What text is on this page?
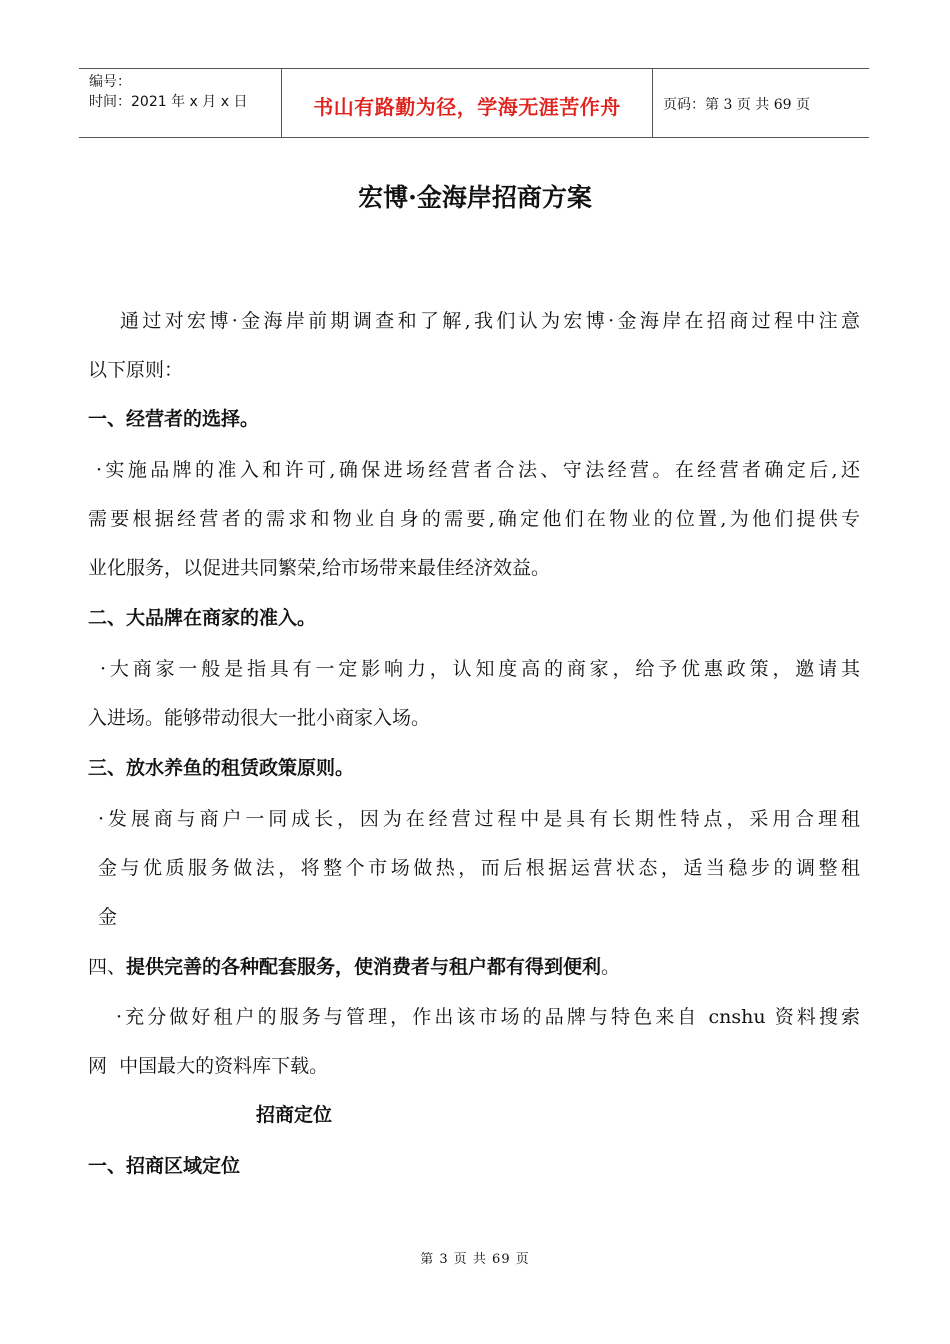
编号：
时间：2021 年 x 月 x 日	书山有路勤为径，学海无涯苦作舟	页码：第 3 页 共 69 页
宏博·金海岸招商方案
通过对宏博·金海岸前期调查和了解,我们认为宏博·金海岸在招商过程中注意
以下原则：
一、经营者的选择。
·实施品牌的准入和许可,确保进场经营者合法、守法经营。在经营者确定后,还
需要根据经营者的需求和物业自身的需要,确定他们在物业的位置,为他们提供专
业化服务，以促进共同繁荣,给市场带来最佳经济效益。
二、大品牌在商家的准入。
·大商家一般是指具有一定影响力，认知度高的商家，给予优惠政策，邀请其
入进场。能够带动很大一批小商家入场。
三、放水养鱼的租赁政策原则。
·发展商与商户一同成长，因为在经营过程中是具有长期性特点，采用合理租
金与优质服务做法，将整个市场做热，而后根据运营状态，适当稳步的调整租
金
四、提供完善的各种配套服务，使消费者与租户都有得到便利。
·充分做好租户的服务与管理，作出该市场的品牌与特色来自 cnshu 资料搜索
网  中国最大的资料库下载。
招商定位
一、招商区域定位
第 3 页 共 69 页
